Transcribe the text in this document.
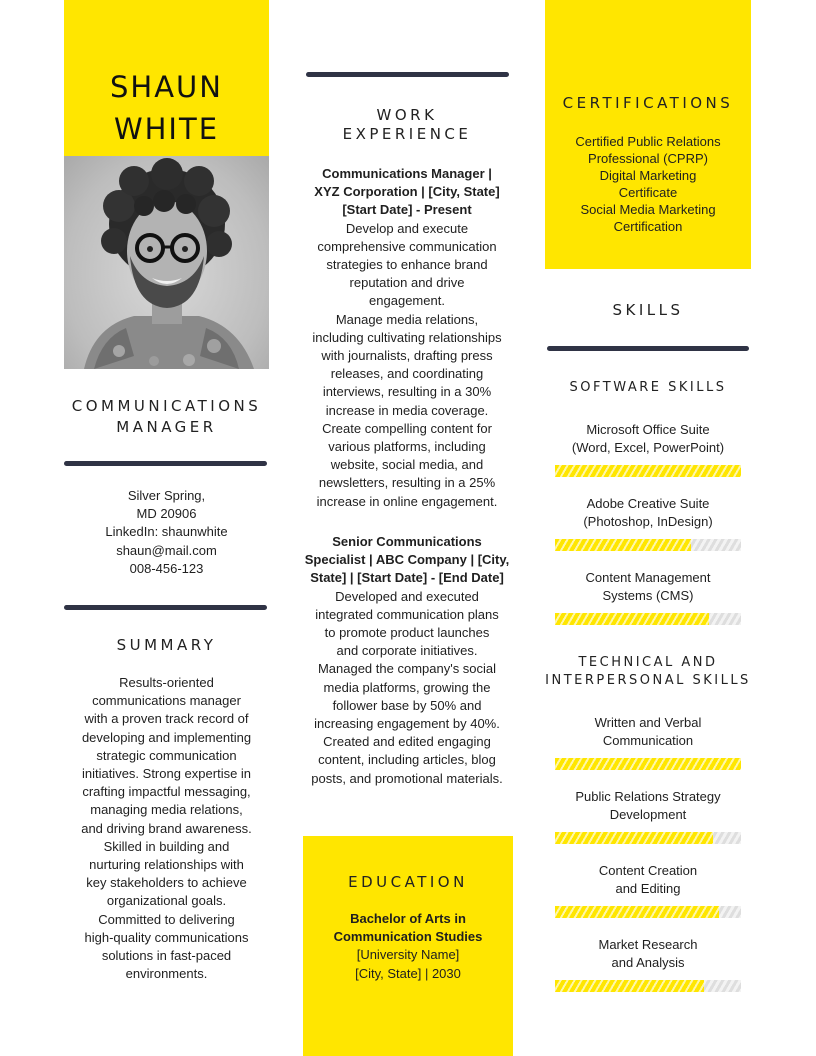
SHAUN
WHITE
COMMUNICATIONS
MANAGER
Silver Spring,
MD 20906
LinkedIn: shaunwhite
shaun@mail.com
008-456-123
SUMMARY
Results-oriented
communications manager
with a proven track record of
developing and implementing
strategic communication
initiatives. Strong expertise in
crafting impactful messaging,
managing media relations,
and driving brand awareness.
Skilled in building and
nurturing relationships with
key stakeholders to achieve
organizational goals.
Committed to delivering
high-quality communications
solutions in fast-paced
environments.
WORK
EXPERIENCE
Communications Manager |
XYZ Corporation | [City, State]
[Start Date] - Present
Develop and execute
comprehensive communication
strategies to enhance brand
reputation and drive
engagement.
Manage media relations,
including cultivating relationships
with journalists, drafting press
releases, and coordinating
interviews, resulting in a 30%
increase in media coverage.
Create compelling content for
various platforms, including
website, social media, and
newsletters, resulting in a 25%
increase in online engagement.
Senior Communications
Specialist | ABC Company | [City,
State] | [Start Date] - [End Date]
Developed and executed
integrated communication plans
to promote product launches
and corporate initiatives.
Managed the company's social
media platforms, growing the
follower base by 50% and
increasing engagement by 40%.
Created and edited engaging
content, including articles, blog
posts, and promotional materials.
EDUCATION
Bachelor of Arts in
Communication Studies
[University Name]
[City, State] | 2030
CERTIFICATIONS
Certified Public Relations
Professional (CPRP)
Digital Marketing
Certificate
Social Media Marketing
Certification
SKILLS
SOFTWARE SKILLS
TECHNICAL AND
INTERPERSONAL SKILLS
Microsoft Office Suite
(Word, Excel, PowerPoint)
Adobe Creative Suite
(Photoshop, InDesign)
Content Management
Systems (CMS)
Written and Verbal
Communication
Public Relations Strategy
Development
Content Creation
and Editing
Market Research
and Analysis
